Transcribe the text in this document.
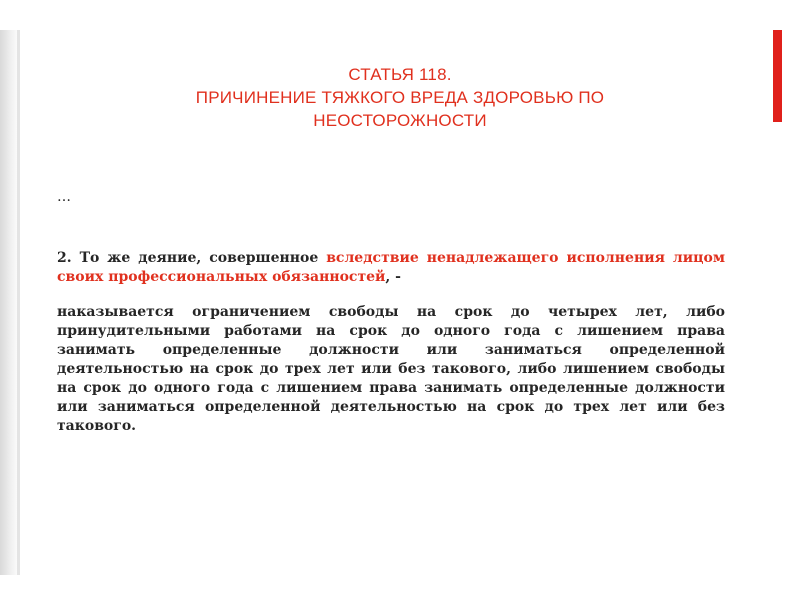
СТАТЬЯ 118.
ПРИЧИНЕНИЕ ТЯЖКОГО ВРЕДА ЗДОРОВЬЮ ПО
НЕОСТОРОЖНОСТИ
…
2. То же деяние, совершенное вследствие ненадлежащего исполнения лицом своих профессиональных обязанностей, -
наказывается ограничением свободы на срок до четырех лет, либо принудительными работами на срок до одного года с лишением права занимать определенные должности или заниматься определенной деятельностью на срок до трех лет или без такового, либо лишением свободы на срок до одного года с лишением права занимать определенные должности или заниматься определенной деятельностью на срок до трех лет или без такового.
